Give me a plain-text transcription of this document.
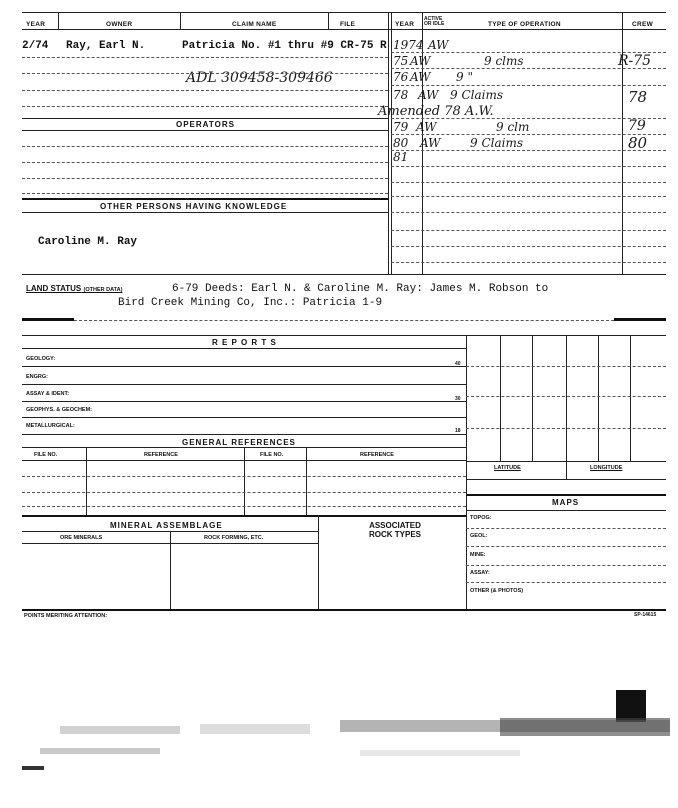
YEAR	OWNER	CLAIM NAME	FILE	YEAR
ACTIVE OR IDLE	TYPE OF OPERATION	CREW
2/74 Ray, Earl N.	Patricia No. #1 thru #9 CR-75 R
ADL 309458-309466
1974 AW
75 AW	9 clms	R-75
76 AW 9 "
78 AW 9 Claims	78
Amended 78 A.W.
79 AW	9 clm	79
80 AW 9 Claims	80
81
OPERATORS
OTHER PERSONS HAVING KNOWLEDGE
Caroline M. Ray
LAND STATUS (OTHER DATA)	6-79 Deeds: Earl N. & Caroline M. Ray: James M. Robson to
Bird Creek Mining Co, Inc.: Patricia 1-9
R E P O R T S
GEOLOGY:
40
ENGRG:
ASSAY & IDENT:
30
GEOPHYS. & GEOCHEM:
METALLURGICAL:
18
GENERAL REFERENCES
FILE NO.	REFERENCE	FILE NO.	REFERENCE
LATITUDE	LONGITUDE
MAPS
TOPOG:
GEOL:
MINE:
ASSAY:
OTHER (& PHOTOS)
MINERAL ASSEMBLAGE
ORE MINERALS	ROCK FORMING, ETC.
ASSOCIATED
ROCK TYPES
POINTS MERITING ATTENTION:	SP-14615
